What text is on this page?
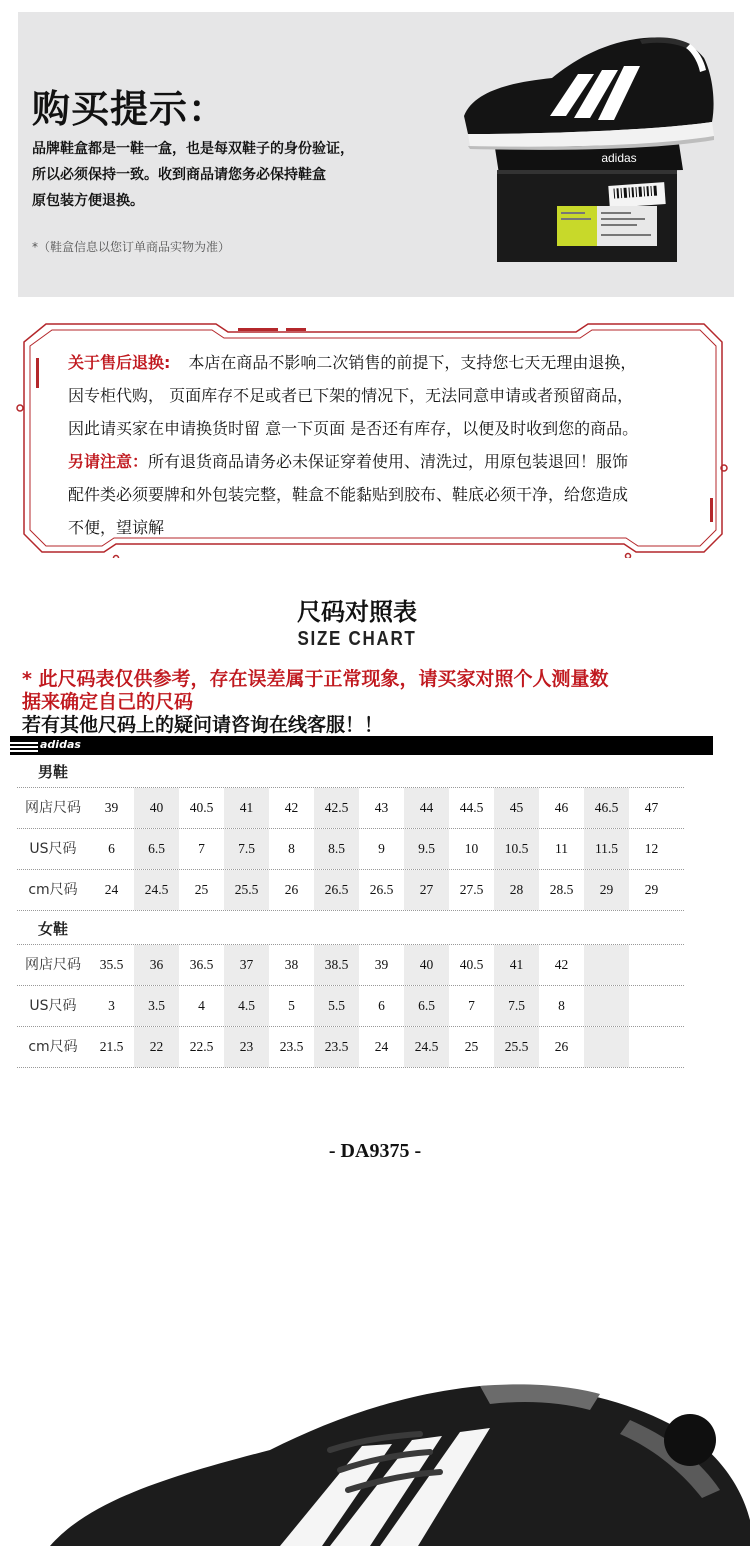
购买提示：
品牌鞋盒都是一鞋一盒，也是每双鞋子的身份验证，
所以必须保持一致。收到商品请您务必保持鞋盒
原包装方便退换。
*（鞋盒信息以您订单商品实物为准）
adidas
关于售后退换: 本店在商品不影响二次销售的前提下，支持您七天无理由退换，
因专柜代购， 页面库存不足或者已下架的情况下，无法同意申请或者预留商品，
因此请买家在申请换货时留 意一下页面 是否还有库存，以便及时收到您的商品。
另请注意：所有退货商品请务必未保证穿着使用、清洗过，用原包装退回！服饰
配件类必须要牌和外包装完整，鞋盒不能黏贴到胶布、鞋底必须干净，给您造成
不便，望谅解
尺码对照表
SIZE CHART
* 此尺码表仅供参考，存在误差属于正常现象，请买家对照个人测量数
据来确定自己的尺码
若有其他尺码上的疑问请咨询在线客服！！
adidas
男鞋
网店尺码	39	40	40.5	41	42	42.5	43	44	44.5	45	46	46.5	47
US尺码	6	6.5	7	7.5	8	8.5	9	9.5	10	10.5	11	11.5	12
cm尺码	24	24.5	25	25.5	26	26.5	26.5	27	27.5	28	28.5	29	29
女鞋
网店尺码	35.5	36	36.5	37	38	38.5	39	40	40.5	41	42
US尺码	3	3.5	4	4.5	5	5.5	6	6.5	7	7.5	8
cm尺码	21.5	22	22.5	23	23.5	23.5	24	24.5	25	25.5	26
- DA9375 -
